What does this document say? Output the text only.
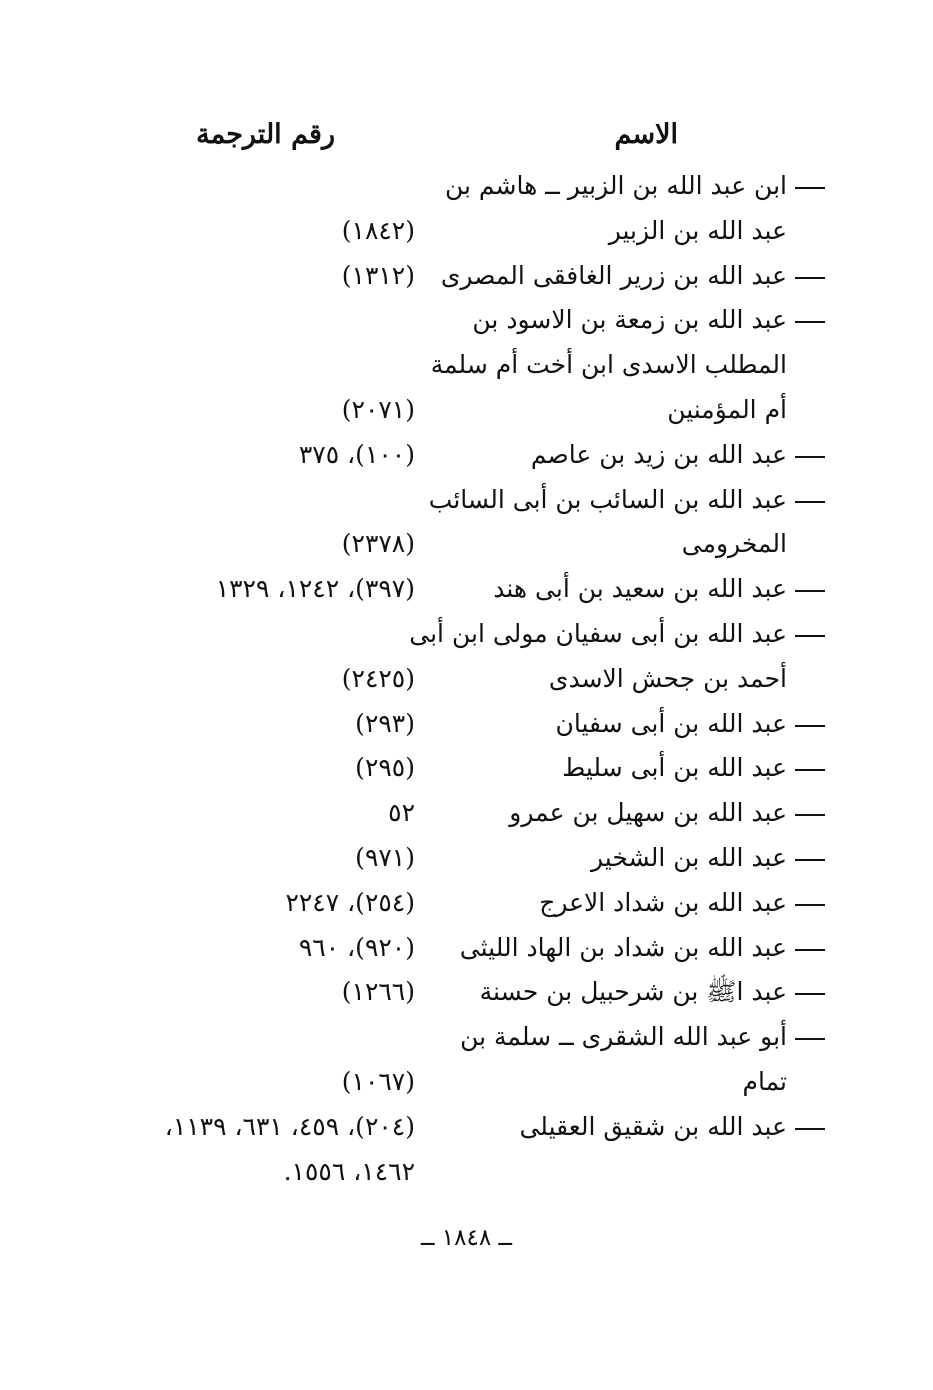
الاسم
رقم الترجمة
ابن عبد الله بن الزبير ــ هاشم بن
عبد الله بن الزبير
(١٨٤٢)
عبد الله بن زرير الغافقى المصرى
(١٣١٢)
عبد الله بن زمعة بن الاسود بن
المطلب الاسدى ابن أخت أم سلمة
أم المؤمنين
(٢٠٧١)
عبد الله بن زيد بن عاصم
(١٠٠)، ٣٧٥
عبد الله بن السائب بن أبى السائب
المخرومى
(٢٣٧٨)
عبد الله بن سعيد بن أبى هند
(٣٩٧)، ١٢٤٢، ١٣٢٩
عبد الله بن أبى سفيان مولى ابن أبى
أحمد بن جحش الاسدى
(٢٤٢٥)
عبد الله بن أبى سفيان
(٢٩٣)
عبد الله بن أبى سليط
(٢٩٥)
عبد الله بن سهيل بن عمرو
٥٢
عبد الله بن الشخير
(٩٧١)
عبد الله بن شداد الاعرج
(٢٥٤)، ٢٢٤٧
عبد الله بن شداد بن الهاد الليثى
(٩٢٠)، ٩٦٠
عبد اﷺ بن شرحبيل بن حسنة
(١٢٦٦)
أبو عبد الله الشقرى ــ سلمة بن
تمام
(١٠٦٧)
عبد الله بن شقيق العقيلى
(٢٠٤)، ٤٥٩، ٦٣١، ١١٣٩،
١٤٦٢، ١٥٥٦.
ــ ١٨٤٨ ــ
